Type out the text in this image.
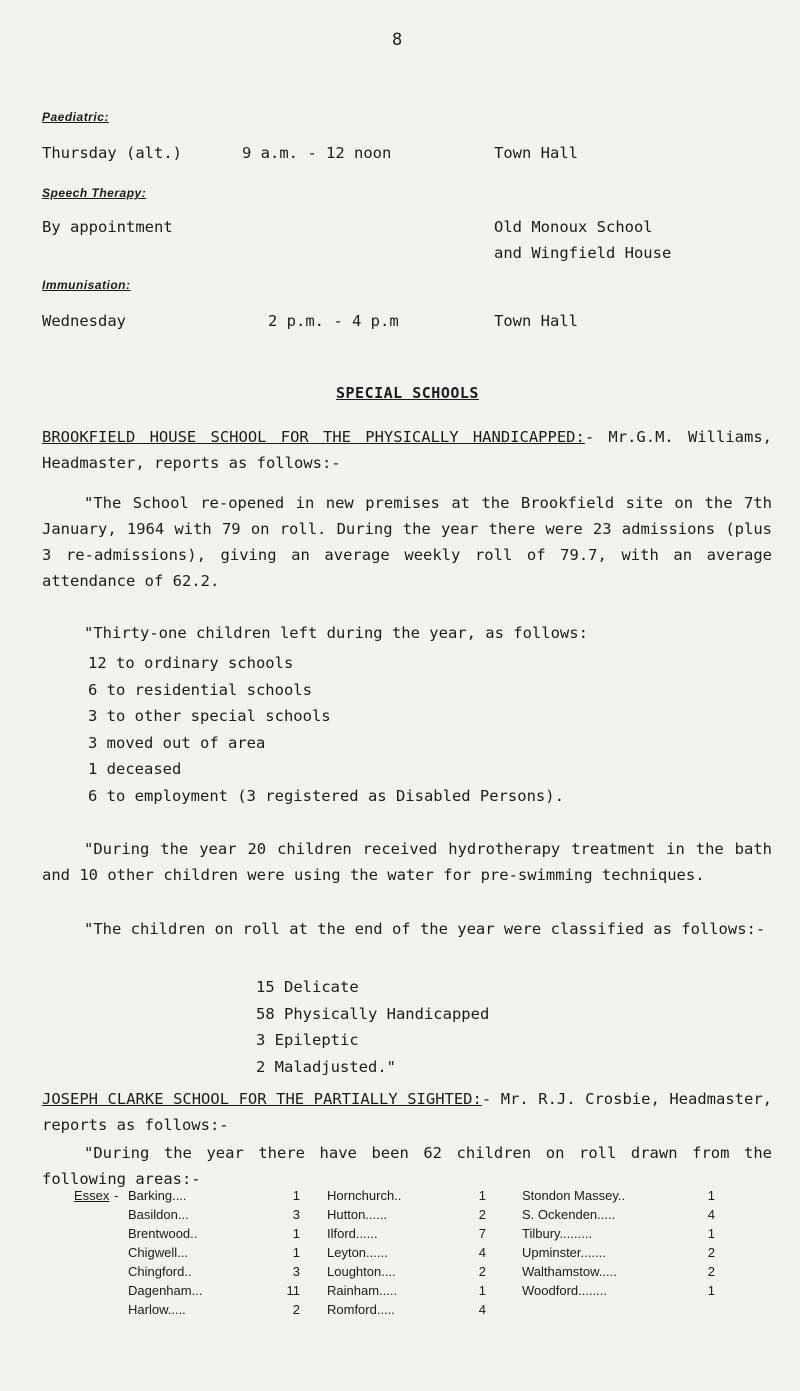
8
Paediatric:
Thursday (alt.)	9 a.m. - 12 noon	Town Hall
Speech Therapy:
By appointment	Old Monoux School
and Wingfield House
Immunisation:
Wednesday	2 p.m. - 4 p.m	Town Hall
SPECIAL SCHOOLS
BROOKFIELD HOUSE SCHOOL FOR THE PHYSICALLY HANDICAPPED:- Mr.G.M. Williams, Headmaster, reports as follows:-
"The School re-opened in new premises at the Brookfield site on the 7th January, 1964 with 79 on roll. During the year there were 23 admissions (plus 3 re-admissions), giving an average weekly roll of 79.7, with an average attendance of 62.2.
"Thirty-one children left during the year, as follows:
12 to ordinary schools
6 to residential schools
3 to other special schools
3 moved out of area
1 deceased
6 to employment (3 registered as Disabled Persons).
"During the year 20 children received hydrotherapy treatment in the bath and 10 other children were using the water for pre-swimming techniques.
"The children on roll at the end of the year were classified as follows:-
15 Delicate
58 Physically Handicapped
3 Epileptic
2 Maladjusted."
JOSEPH CLARKE SCHOOL FOR THE PARTIALLY SIGHTED:- Mr. R.J. Crosbie, Headmaster, reports as follows:-
"During the year there have been 62 children on roll drawn from the following areas:-
Essex - Barking....	1 Hornchurch..	1	Stondon Massey..	1
Basildon...	3 Hutton......	2	S. Ockenden.....	4
Brentwood..	1 Ilford......	7	Tilbury.........	1
Chigwell...	1 Leyton......	4	Upminster.......	2
Chingford..	3 Loughton....	2	Walthamstow.....	2
Dagenham...	11 Rainham.....	1	Woodford........	1
Harlow.....	2 Romford.....	4
